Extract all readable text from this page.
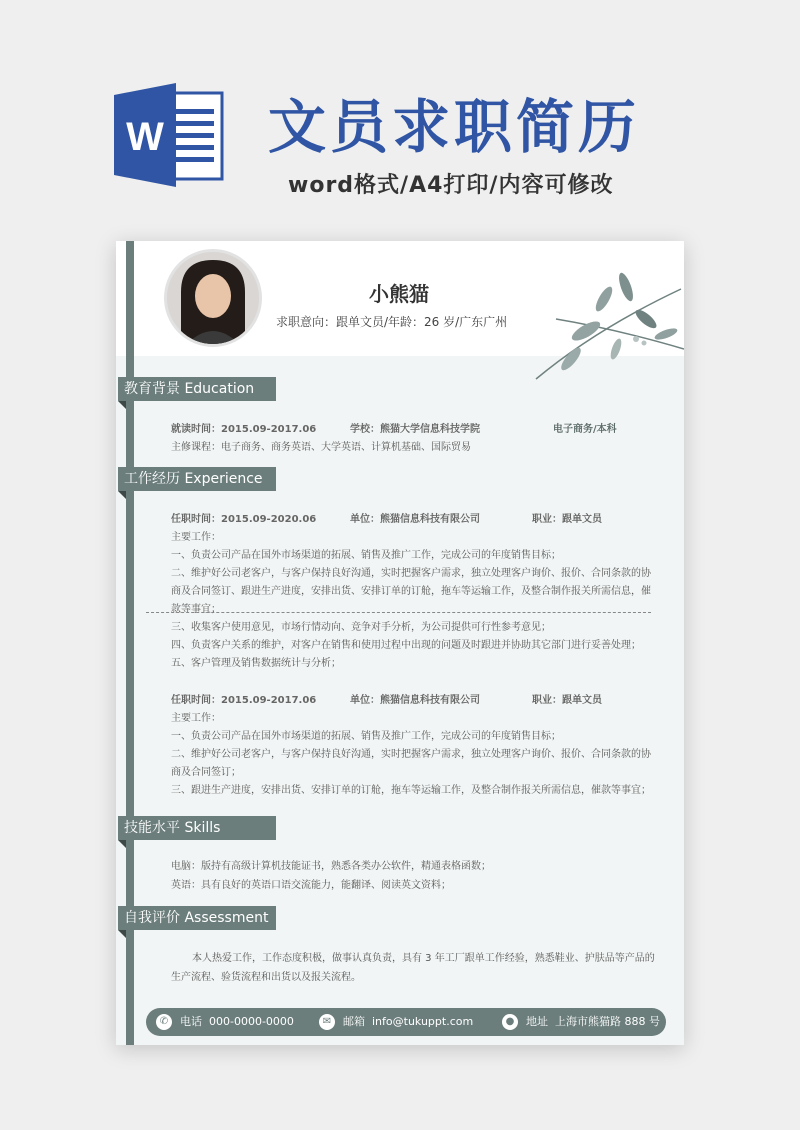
W 文员求职简历
word格式/A4打印/内容可修改
小熊猫
求职意向：跟单文员/年龄：26 岁/广东广州
教育背景 Education
就读时间：2015.09-2017.06	学校：熊猫大学信息科技学院	电子商务/本科
主修课程：电子商务、商务英语、大学英语、计算机基础、国际贸易
工作经历 Experience
任职时间：2015.09-2020.06	单位：熊猫信息科技有限公司	职业：跟单文员
主要工作：
一、负责公司产品在国外市场渠道的拓展、销售及推广工作，完成公司的年度销售目标；
二、维护好公司老客户，与客户保持良好沟通，实时把握客户需求，独立处理客户询价、报价、合同条款的协
商及合同签订、跟进生产进度，安排出货、安排订单的订舱，拖车等运输工作，及整合制作报关所需信息，催
款等事宜；
三、收集客户使用意见，市场行情动向、竞争对手分析，为公司提供可行性参考意见；
四、负责客户关系的维护，对客户在销售和使用过程中出现的问题及时跟进并协助其它部门进行妥善处理；
五、客户管理及销售数据统计与分析；
任职时间：2015.09-2017.06	单位：熊猫信息科技有限公司	职业：跟单文员
主要工作：
一、负责公司产品在国外市场渠道的拓展、销售及推广工作，完成公司的年度销售目标；
二、维护好公司老客户，与客户保持良好沟通，实时把握客户需求，独立处理客户询价、报价、合同条款的协
商及合同签订；
三、跟进生产进度，安排出货、安排订单的订舱，拖车等运输工作，及整合制作报关所需信息，催款等事宜；
技能水平 Skills
电脑：版持有高级计算机技能证书，熟悉各类办公软件，精通表格函数；
英语：具有良好的英语口语交流能力，能翻译、阅读英文资料；
自我评价 Assessment
本人热爱工作，工作态度积极，做事认真负责，具有 3 年工厂跟单工作经验，熟悉鞋业、护肤品等产品的
生产流程、验货流程和出货以及报关流程。
✆ 电话 000-0000-0000	✉ 邮箱 info@tukuppt.com	● 地址 上海市熊猫路 888 号
